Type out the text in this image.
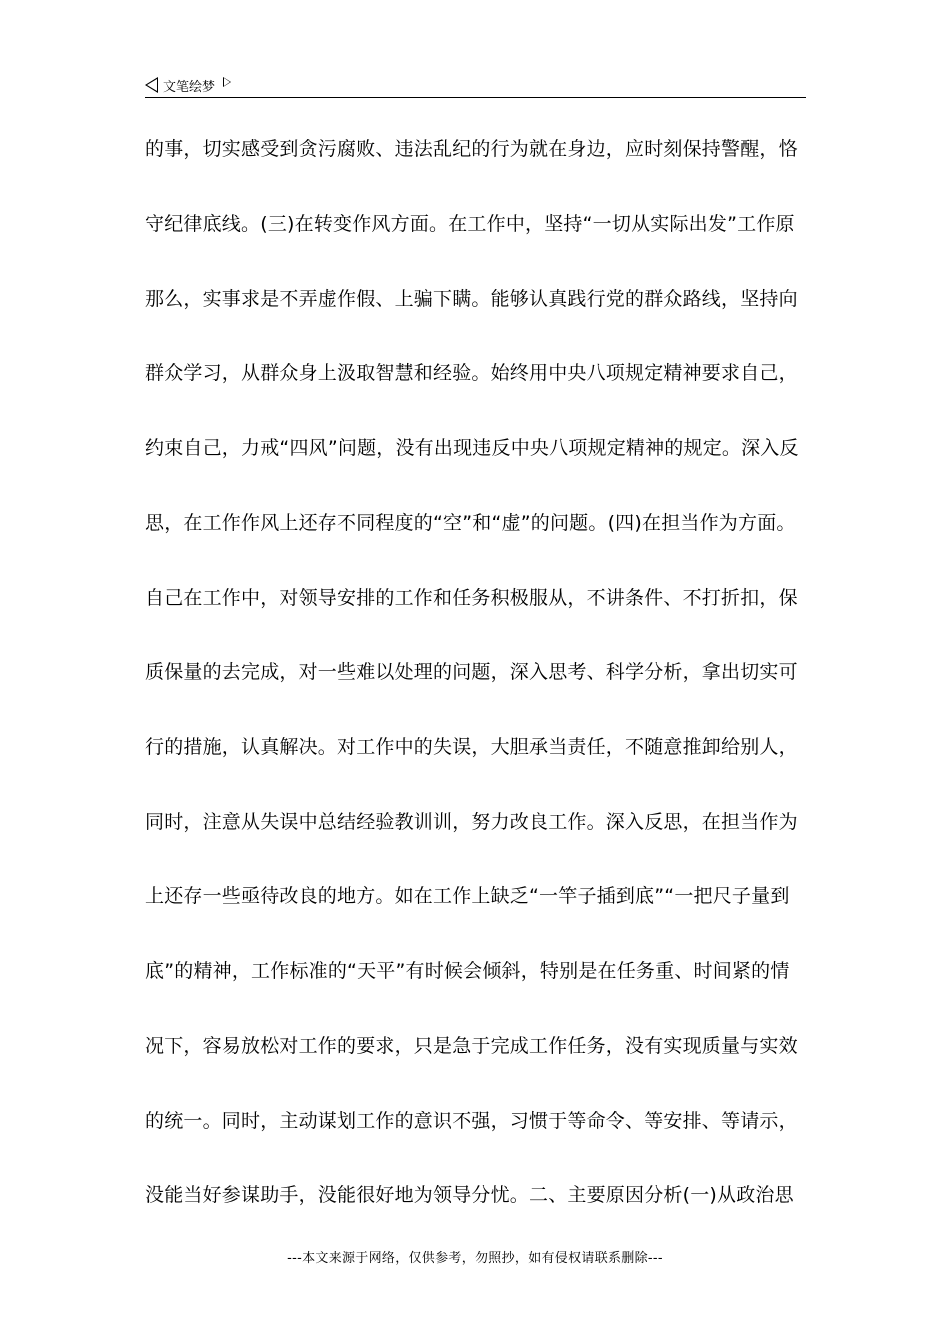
文笔绘梦
的事，切实感受到贪污腐败、违法乱纪的行为就在身边，应时刻保持警醒，恪
守纪律底线。(三)在转变作风方面。在工作中，坚持“一切从实际出发”工作原
那么，实事求是不弄虚作假、上骗下瞒。能够认真践行党的群众路线，坚持向
群众学习，从群众身上汲取智慧和经验。始终用中央八项规定精神要求自己，
约束自己，力戒“四风”问题，没有出现违反中央八项规定精神的规定。深入反
思，在工作作风上还存不同程度的“空”和“虚”的问题。(四)在担当作为方面。
自己在工作中，对领导安排的工作和任务积极服从，不讲条件、不打折扣，保
质保量的去完成，对一些难以处理的问题，深入思考、科学分析，拿出切实可
行的措施，认真解决。对工作中的失误，大胆承当责任，不随意推卸给别人，
同时，注意从失误中总结经验教训训，努力改良工作。深入反思，在担当作为
上还存一些亟待改良的地方。如在工作上缺乏“一竿子插到底”“一把尺子量到
底”的精神，工作标准的“天平”有时候会倾斜，特别是在任务重、时间紧的情
况下，容易放松对工作的要求，只是急于完成工作任务，没有实现质量与实效
的统一。同时，主动谋划工作的意识不强，习惯于等命令、等安排、等请示，
没能当好参谋助手，没能很好地为领导分忧。二、主要原因分析(一)从政治思
---本文来源于网络，仅供参考，勿照抄，如有侵权请联系删除---
